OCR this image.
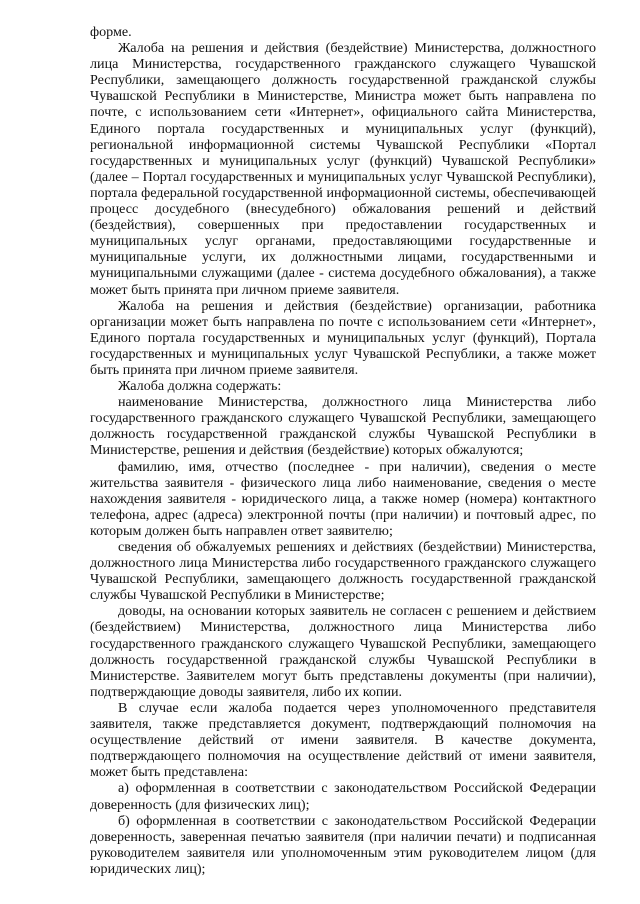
форме.

Жалоба на решения и действия (бездействие) Министерства, должностного лица Министерства, государственного гражданского служащего Чувашской Республики, замещающего должность государственной гражданской службы Чувашской Республики в Министерстве, Министра может быть направлена по почте, с использованием сети «Интернет», официального сайта Министерства, Единого портала государственных и муниципальных услуг (функций), региональной информационной системы Чувашской Республики «Портал государственных и муниципальных услуг (функций) Чувашской Республики» (далее – Портал государственных и муниципальных услуг Чувашской Республики), портала федеральной государственной информационной системы, обеспечивающей процесс досудебного (внесудебного) обжалования решений и действий (бездействия), совершенных при предоставлении государственных и муниципальных услуг органами, предоставляющими государственные и муниципальные услуги, их должностными лицами, государственными и муниципальными служащими (далее - система досудебного обжалования), а также может быть принята при личном приеме заявителя.

Жалоба на решения и действия (бездействие) организации, работника организации может быть направлена по почте с использованием сети «Интернет», Единого портала государственных и муниципальных услуг (функций), Портала государственных и муниципальных услуг Чувашской Республики, а также может быть принята при личном приеме заявителя.

Жалоба должна содержать:

наименование Министерства, должностного лица Министерства либо государственного гражданского служащего Чувашской Республики, замещающего должность государственной гражданской службы Чувашской Республики в Министерстве, решения и действия (бездействие) которых обжалуются;

фамилию, имя, отчество (последнее - при наличии), сведения о месте жительства заявителя - физического лица либо наименование, сведения о месте нахождения заявителя - юридического лица, а также номер (номера) контактного телефона, адрес (адреса) электронной почты (при наличии) и почтовый адрес, по которым должен быть направлен ответ заявителю;

сведения об обжалуемых решениях и действиях (бездействии) Министерства, должностного лица Министерства либо государственного гражданского служащего Чувашской Республики, замещающего должность государственной гражданской службы Чувашской Республики в Министерстве;

доводы, на основании которых заявитель не согласен с решением и действием (бездействием) Министерства, должностного лица Министерства либо государственного гражданского служащего Чувашской Республики, замещающего должность государственной гражданской службы Чувашской Республики в Министерстве. Заявителем могут быть представлены документы (при наличии), подтверждающие доводы заявителя, либо их копии.

В случае если жалоба подается через уполномоченного представителя заявителя, также представляется документ, подтверждающий полномочия на осуществление действий от имени заявителя. В качестве документа, подтверждающего полномочия на осуществление действий от имени заявителя, может быть представлена:

а) оформленная в соответствии с законодательством Российской Федерации доверенность (для физических лиц);

б) оформленная в соответствии с законодательством Российской Федерации доверенность, заверенная печатью заявителя (при наличии печати) и подписанная руководителем заявителя или уполномоченным этим руководителем лицом (для юридических лиц);
